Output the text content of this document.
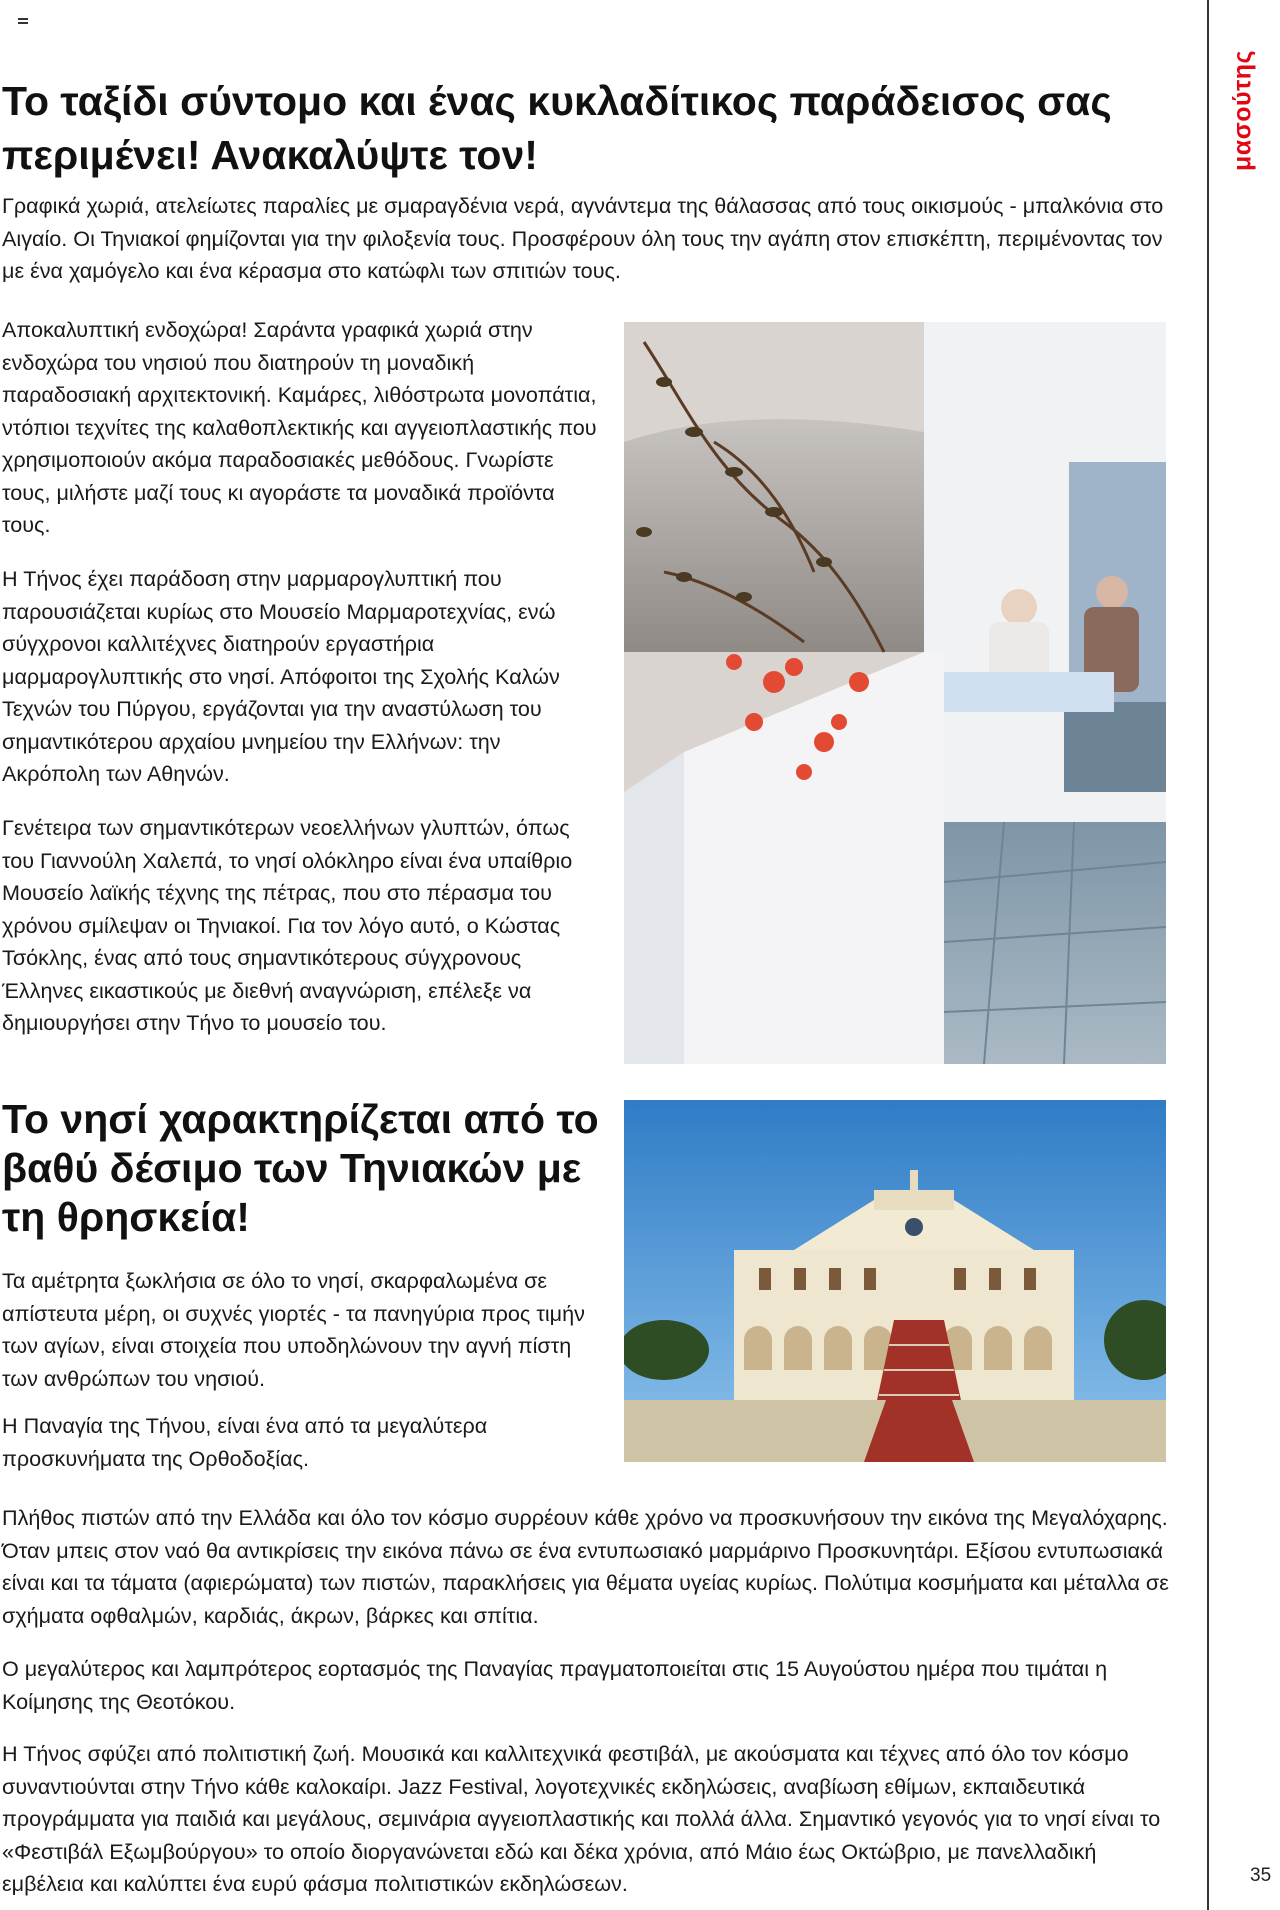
μασούτης
Το ταξίδι σύντομο και ένας κυκλαδίτικος παράδεισος σας περιμένει! Ανακαλύψτε τον!

Γραφικά χωριά, ατελείωτες παραλίες με σμαραγδένια νερά, αγνάντεμα της θάλασσας από τους οικισμούς - μπαλκόνια στο Αιγαίο. Οι Τηνιακοί φημίζονται για την φιλοξενία τους. Προσφέρουν όλη τους την αγάπη στον επισκέπτη, περιμένοντας τον με ένα χαμόγελο και ένα κέρασμα στο κατώφλι των σπιτιών τους.

Αποκαλυπτική ενδοχώρα! Σαράντα γραφικά χωριά στην ενδοχώρα του νησιού που διατηρούν τη μοναδική παραδοσιακή αρχιτεκτονική. Καμάρες, λιθόστρωτα μονοπάτια, ντόπιοι τεχνίτες της καλαθοπλεκτικής και αγγειοπλαστικής που χρησιμοποιούν ακόμα παραδοσιακές μεθόδους. Γνωρίστε τους, μιλήστε μαζί τους κι αγοράστε τα μοναδικά προϊόντα τους.

Η Τήνος έχει παράδοση στην μαρμαρογλυπτική που παρουσιάζεται κυρίως στο Μουσείο Μαρμαροτεχνίας, ενώ σύγχρονοι καλλιτέχνες διατηρούν εργαστήρια μαρμαρογλυπτικής στο νησί. Απόφοιτοι της Σχολής Καλών Τεχνών του Πύργου, εργάζονται για την αναστύλωση του σημαντικότερου αρχαίου μνημείου την Ελλήνων: την Ακρόπολη των Αθηνών.

Γενέτειρα των σημαντικότερων νεοελλήνων γλυπτών, όπως του Γιαννούλη Χαλεπά, το νησί ολόκληρο είναι ένα υπαίθριο Μουσείο λαϊκής τέχνης της πέτρας, που στο πέρασμα του χρόνου σμίλεψαν οι Τηνιακοί. Για τον λόγο αυτό, ο Κώστας Τσόκλης, ένας από τους σημαντικότερους σύγχρονους Έλληνες εικαστικούς με διεθνή αναγνώριση, επέλεξε να δημιουργήσει στην Τήνο το μουσείο του.

Το νησί χαρακτηρίζεται από το βαθύ δέσιμο των Τηνιακών με τη θρησκεία!

Τα αμέτρητα ξωκλήσια σε όλο το νησί, σκαρφαλωμένα σε απίστευτα μέρη, οι συχνές γιορτές - τα πανηγύρια προς τιμήν των αγίων, είναι στοιχεία που υποδηλώνουν την αγνή πίστη των ανθρώπων του νησιού.

Η Παναγία της Τήνου, είναι ένα από τα μεγαλύτερα προσκυνήματα της Ορθοδοξίας.

Πλήθος πιστών από την Ελλάδα και όλο τον κόσμο συρρέουν κάθε χρόνο να προσκυνήσουν την εικόνα της Μεγαλόχαρης. Όταν μπεις στον ναό θα αντικρίσεις την εικόνα πάνω σε ένα εντυπωσιακό μαρμάρινο Προσκυνητάρι. Εξίσου εντυπωσιακά είναι και τα τάματα (αφιερώματα) των πιστών, παρακλήσεις για θέματα υγείας κυρίως. Πολύτιμα κοσμήματα και μέταλλα σε σχήματα οφθαλμών, καρδιάς, άκρων, βάρκες και σπίτια.

Ο μεγαλύτερος και λαμπρότερος εορτασμός της Παναγίας πραγματοποιείται στις 15 Αυγούστου ημέρα που τιμάται η Κοίμησης της Θεοτόκου.

Η Τήνος σφύζει από πολιτιστική ζωή. Μουσικά και καλλιτεχνικά φεστιβάλ, με ακούσματα και τέχνες από όλο τον κόσμο συναντιούνται στην Τήνο κάθε καλοκαίρι. Jazz Festival, λογοτεχνικές εκδηλώσεις, αναβίωση εθίμων, εκπαιδευτικά προγράμματα για παιδιά και μεγάλους, σεμινάρια αγγειοπλαστικής και πολλά άλλα. Σημαντικό γεγονός για το νησί είναι το «Φεστιβάλ Εξωμβούργου» το οποίο διοργανώνεται εδώ και δέκα χρόνια, από Μάιο έως Οκτώβριο, με πανελλαδική εμβέλεια και καλύπτει ένα ευρύ φάσμα πολιτιστικών εκδηλώσεων.	35
